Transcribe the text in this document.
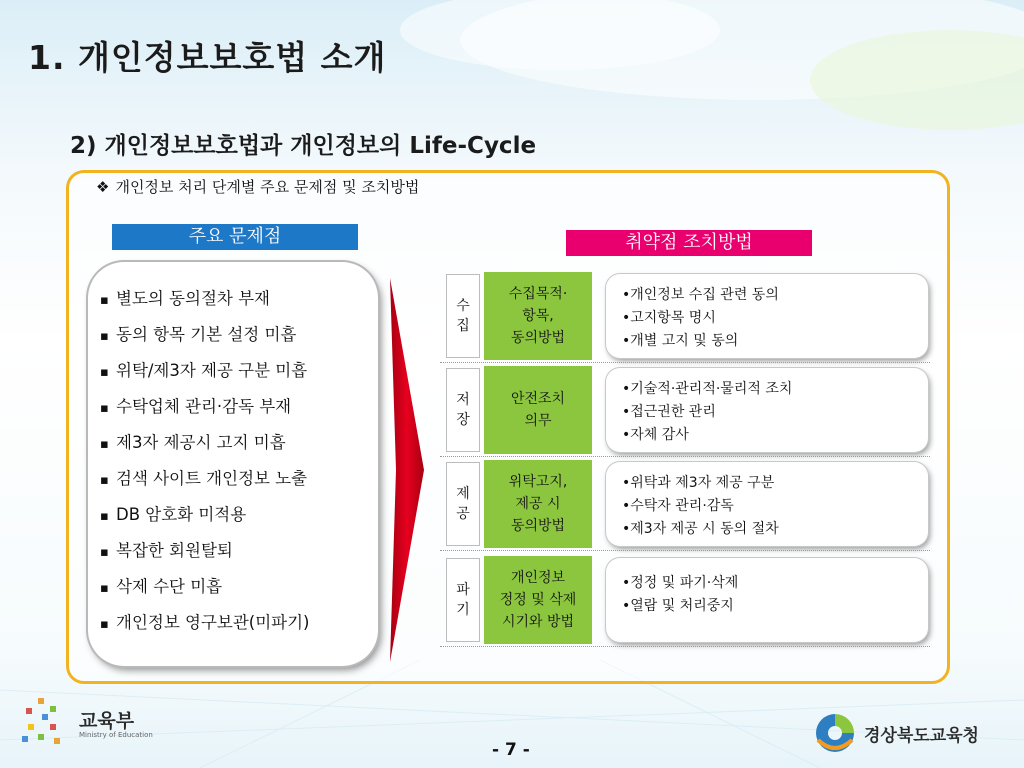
1. 개인정보보호법 소개
2) 개인정보보호법과 개인정보의 Life-Cycle
❖ 개인정보 처리 단계별 주요 문제점 및 조치방법
주요 문제점	취약점 조치방법
▪ 별도의 동의절차 부재
▪ 동의 항목 기본 설정 미흡
▪ 위탁/제3자 제공 구분 미흡
▪ 수탁업체 관리·감독 부재
▪ 제3자 제공시 고지 미흡
▪ 검색 사이트 개인정보 노출
▪ DB 암호화 미적용
▪ 복잡한 회원탈퇴
▪ 삭제 수단 미흡
▪ 개인정보 영구보관(미파기)
수
집
수집목적·
항목,
동의방법
•개인정보 수집 관련 동의
•고지항목 명시
•개별 고지 및 동의
저
장
안전조치
의무
•기술적·관리적·물리적 조치
•접근권한 관리
•자체 감사
제
공
위탁고지,
제공 시
동의방법
•위탁과 제3자 제공 구분
•수탁자 관리·감독
•제3자 제공 시 동의 절차
파
기
개인정보
정정 및 삭제
시기와 방법
•정정 및 파기·삭제
•열람 및 처리중지
교육부
Ministry of Education	경상북도교육청
- 7 -
